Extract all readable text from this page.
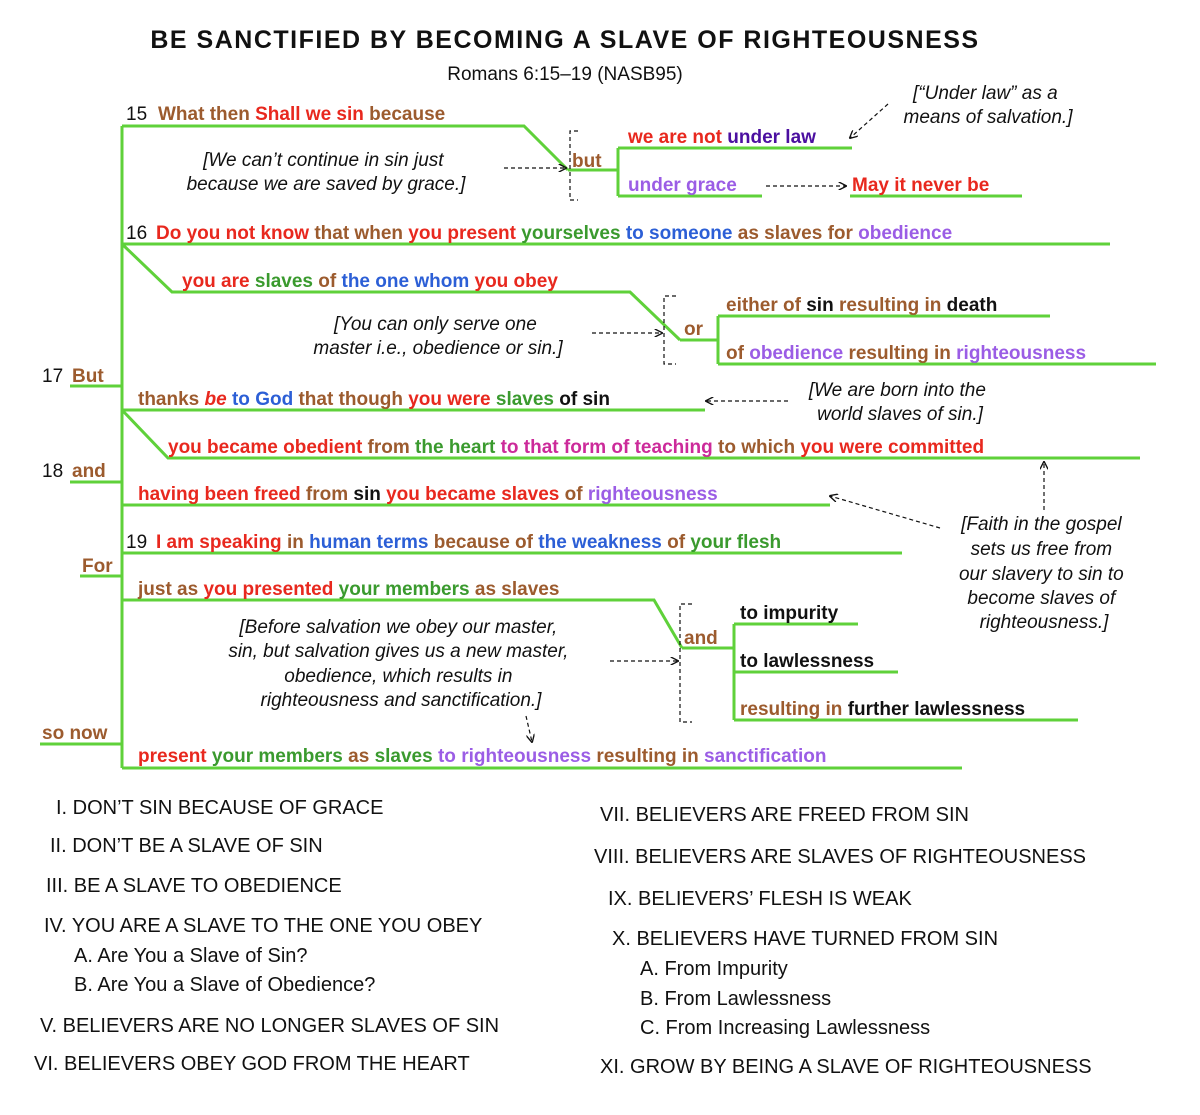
BE SANCTIFIED BY BECOMING A SLAVE OF RIGHTEOUSNESS
Romans 6:15–19 (NASB95)
15
16
17 But
18 and
19
For
so now
but
or
and
What then Shall we sin because
we are not under law
under grace	May it never be
Do you not know that when you present yourselves to someone as slaves for obedience
you are slaves of the one whom you obey
either of sin resulting in death
of obedience resulting in righteousness
thanks be to God that though you were slaves of sin
you became obedient from the heart to that form of teaching to which you were committed
having been freed from sin you became slaves of righteousness
I am speaking in human terms because of the weakness of your flesh
just as you presented your members as slaves
to impurity
to lawlessness
resulting in further lawlessness
present your members as slaves to righteousness resulting in sanctification
[“Under law” as a means of salvation.]
[We can’t continue in sin just because we are saved by grace.]
[You can only serve one master i.e., obedience or sin.]
[We are born into the world slaves of sin.]
[Faith in the gospel sets us free from our slavery to sin to become slaves of righteousness.]
[Before salvation we obey our master, sin, but salvation gives us a new master, obedience, which results in righteousness and sanctification.]
I. DON’T SIN BECAUSE OF GRACE
II. DON’T BE A SLAVE OF SIN
III. BE A SLAVE TO OBEDIENCE
IV. YOU ARE A SLAVE TO THE ONE YOU OBEY
A. Are You a Slave of Sin?
B. Are You a Slave of Obedience?
V. BELIEVERS ARE NO LONGER SLAVES OF SIN
VI. BELIEVERS OBEY GOD FROM THE HEART
VII. BELIEVERS ARE FREED FROM SIN
VIII. BELIEVERS ARE SLAVES OF RIGHTEOUSNESS
IX. BELIEVERS’ FLESH IS WEAK
X. BELIEVERS HAVE TURNED FROM SIN
A. From Impurity
B. From Lawlessness
C. From Increasing Lawlessness
XI. GROW BY BEING A SLAVE OF RIGHTEOUSNESS
